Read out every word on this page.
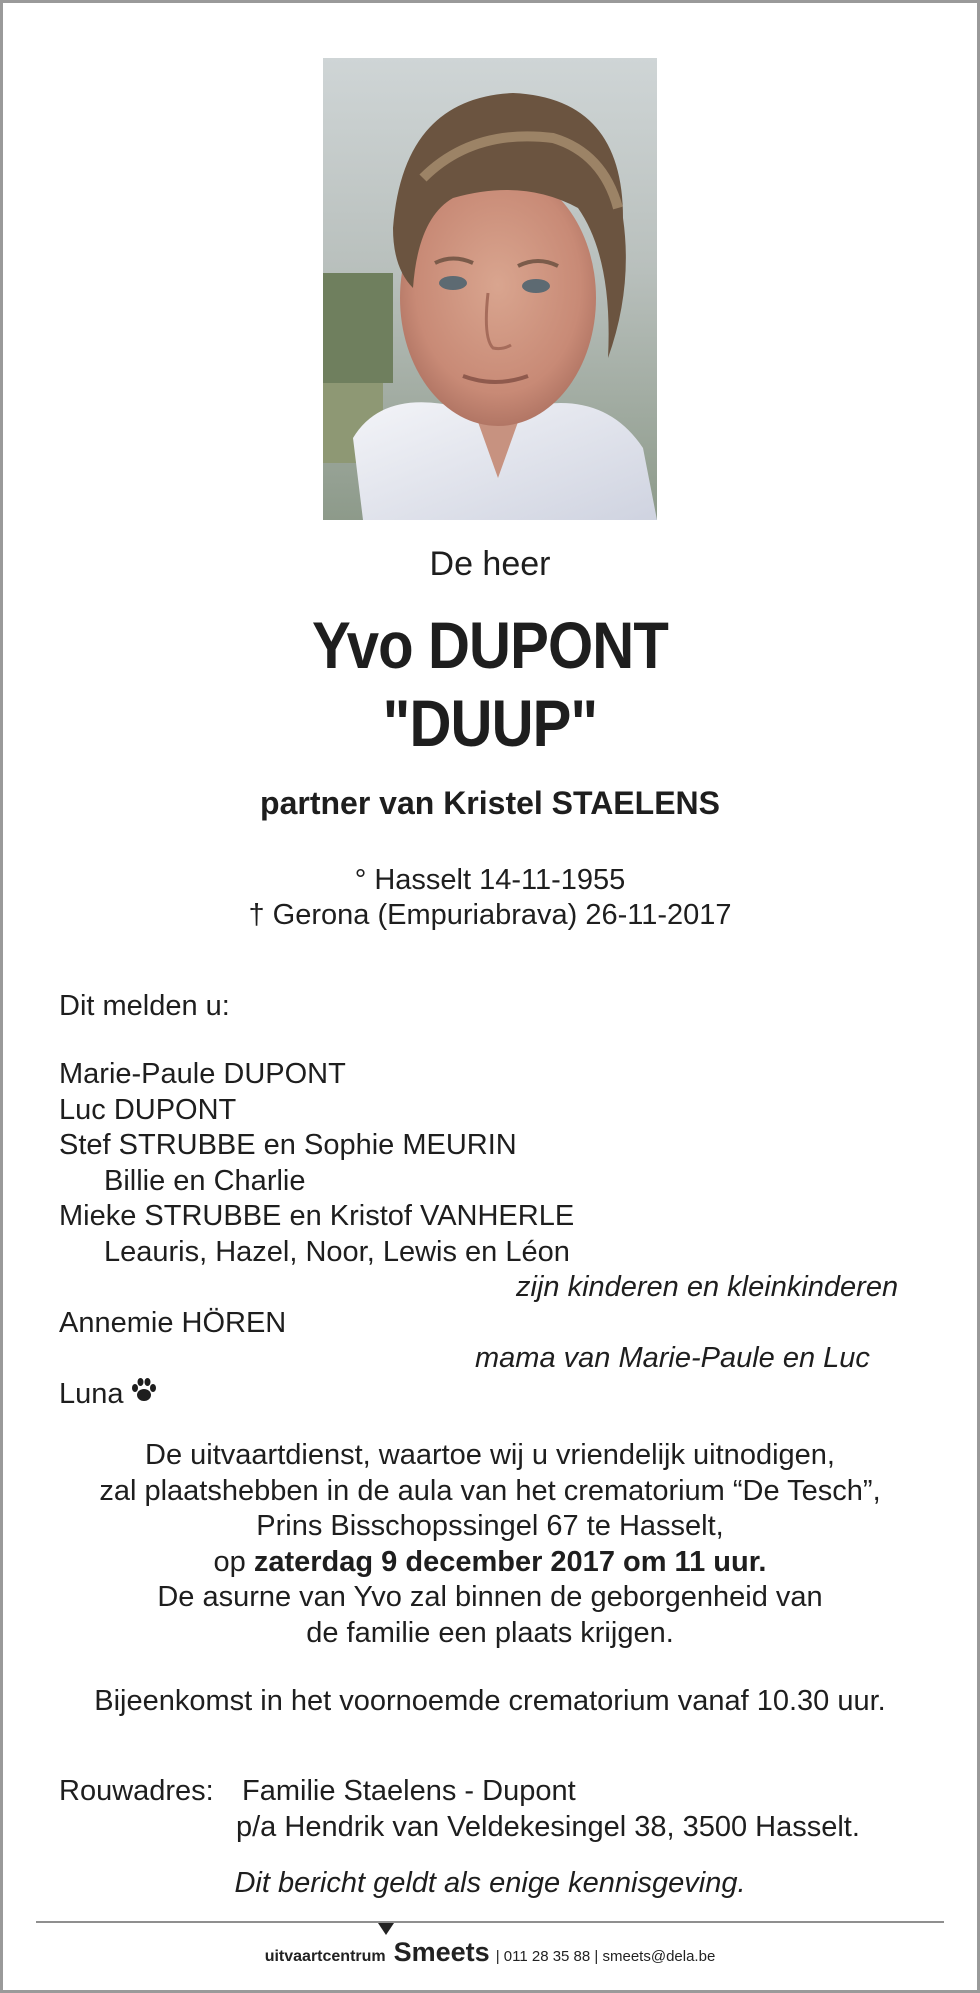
De heer
Yvo DUPONT
"DUUP"
partner van Kristel STAELENS
° Hasselt 14-11-1955
† Gerona (Empuriabrava) 26-11-2017
Dit melden u:
Marie-Paule DUPONT
Luc DUPONT
Stef STRUBBE en Sophie MEURIN
Billie en Charlie
Mieke STRUBBE en Kristof VANHERLE
Leauris, Hazel, Noor, Lewis en Léon
zijn kinderen en kleinkinderen
Annemie HÖREN
mama van Marie-Paule en Luc
Luna
De uitvaartdienst, waartoe wij u vriendelijk uitnodigen,
zal plaatshebben in de aula van het crematorium “De Tesch”,
Prins Bisschopssingel 67 te Hasselt,
op zaterdag 9 december 2017 om 11 uur.
De asurne van Yvo zal binnen de geborgenheid van
de familie een plaats krijgen.
Bijeenkomst in het voornoemde crematorium vanaf 10.30 uur.
Rouwadres: Familie Staelens - Dupont
p/a Hendrik van Veldekesingel 38, 3500 Hasselt.
Dit bericht geldt als enige kennisgeving.
uitvaartcentrum Smeets | 011 28 35 88 | smeets@dela.be
